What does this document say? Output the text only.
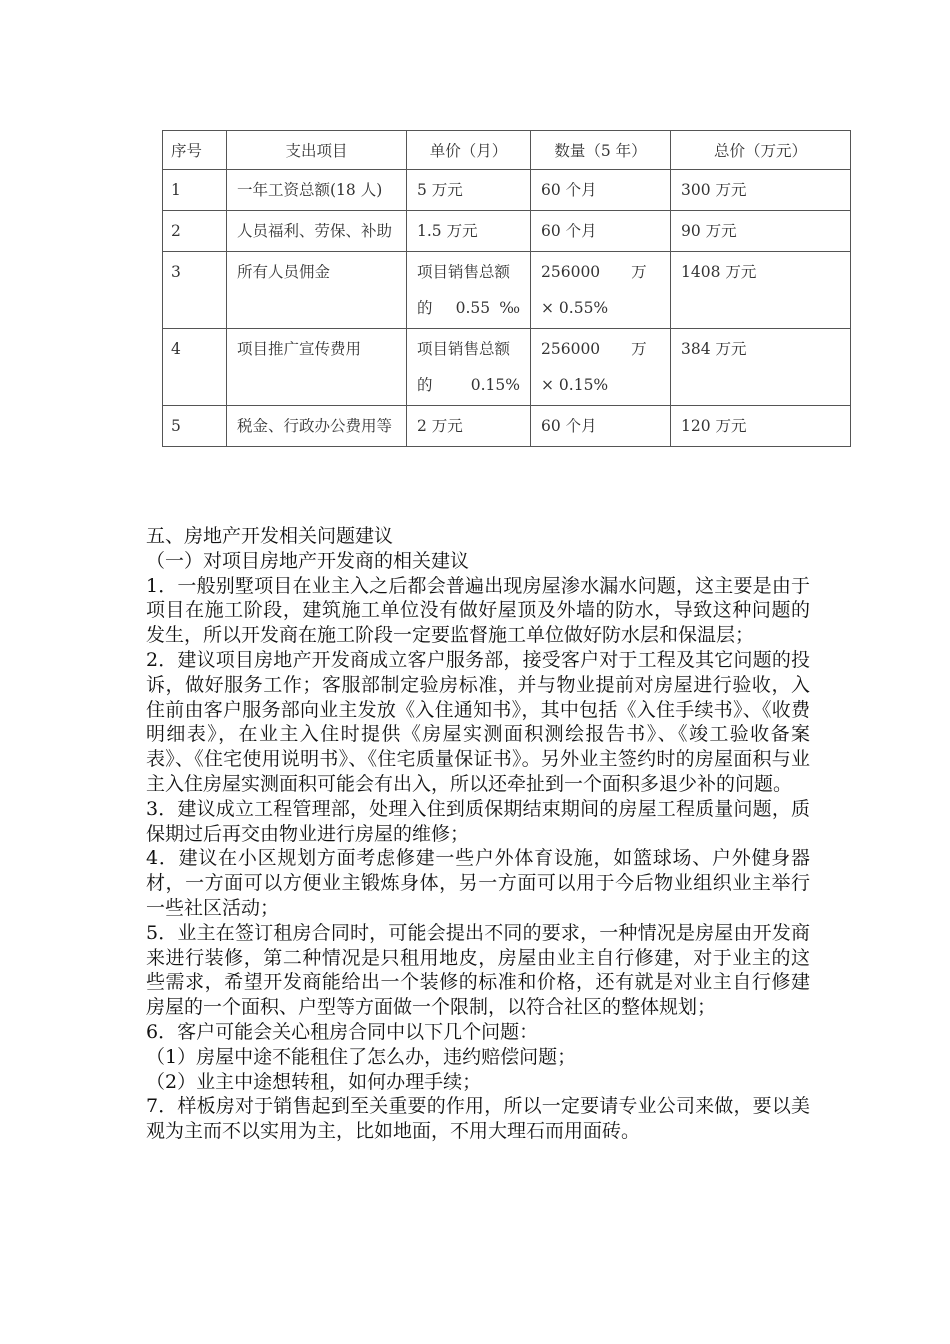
序号	支出项目	单价（月）	数量（5 年）	总价（万元）
1	一年工资总额(18 人)	5 万元	60 个月	300 万元
2	人员福利、劳保、补助	1.5 万元	60 个月	90 万元
3	所有人员佣金	项目销售总额的 0.55‰	256000　　万 × 0.55%	1408 万元
4	项目推广宣传费用	项目销售总额的 0.15%	256000　　万 × 0.15%	384 万元
5	税金、行政办公费用等	2 万元	60 个月	120 万元

五、房地产开发相关问题建议

（一）对项目房地产开发商的相关建议

1．一般别墅项目在业主入之后都会普遍出现房屋渗水漏水问题，这主要是由于项目在施工阶段，建筑施工单位没有做好屋顶及外墙的防水，导致这种问题的发生，所以开发商在施工阶段一定要监督施工单位做好防水层和保温层；

2．建议项目房地产开发商成立客户服务部，接受客户对于工程及其它问题的投诉，做好服务工作；客服部制定验房标准，并与物业提前对房屋进行验收，入住前由客户服务部向业主发放《入住通知书》，其中包括《入住手续书》、《收费明细表》，在业主入住时提供《房屋实测面积测绘报告书》、《竣工验收备案表》、《住宅使用说明书》、《住宅质量保证书》。另外业主签约时的房屋面积与业主入住房屋实测面积可能会有出入，所以还牵扯到一个面积多退少补的问题。

3．建议成立工程管理部，处理入住到质保期结束期间的房屋工程质量问题，质保期过后再交由物业进行房屋的维修；

4．建议在小区规划方面考虑修建一些户外体育设施，如篮球场、户外健身器材，一方面可以方便业主锻炼身体，另一方面可以用于今后物业组织业主举行一些社区活动；

5．业主在签订租房合同时，可能会提出不同的要求，一种情况是房屋由开发商来进行装修，第二种情况是只租用地皮，房屋由业主自行修建，对于业主的这些需求，希望开发商能给出一个装修的标准和价格，还有就是对业主自行修建房屋的一个面积、户型等方面做一个限制，以符合社区的整体规划；

6．客户可能会关心租房合同中以下几个问题：

（1）房屋中途不能租住了怎么办，违约赔偿问题；

（2）业主中途想转租，如何办理手续；

7．样板房对于销售起到至关重要的作用，所以一定要请专业公司来做，要以美观为主而不以实用为主，比如地面，不用大理石而用面砖。
